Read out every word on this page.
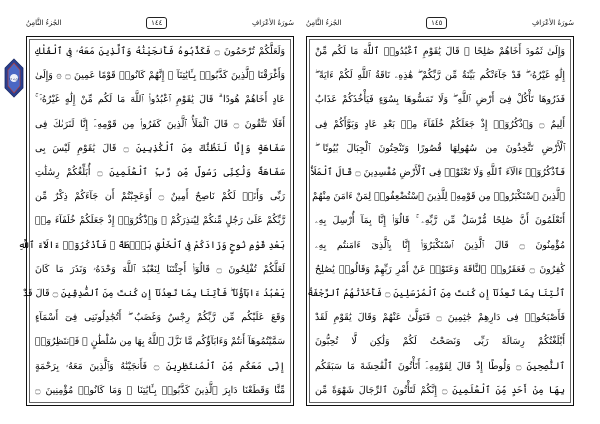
الجُزءُ الثَّامِنُ	١٤٤	سُورَةُ الأعْرَافِ
وَلَعَلَّكُمْ تُرْحَمُونَ ۝ فَكَذَّبُوهُ فَأَنجَيْنَٰهُ وَٱلَّذِينَ مَعَهُۥ فِى ٱلْفُلْكِ
وَأَغْرَقْنَا ٱلَّذِينَ كَذَّبُوا۟ بِـَٔايَٰتِنَآ ۚ إِنَّهُمْ كَانُوا۟ قَوْمًا عَمِينَ ۝ ۞ وَإِلَىٰ
عَادٍ أَخَاهُمْ هُودًا ۗ قَالَ يَٰقَوْمِ ٱعْبُدُوا۟ ٱللَّهَ مَا لَكُم مِّنْ إِلَٰهٍ غَيْرُهُۥٓ ۚ
أَفَلَا تَتَّقُونَ ۝ قَالَ ٱلْمَلَأُ ٱلَّذِينَ كَفَرُوا۟ مِن قَوْمِهِۦٓ إِنَّا لَنَرَىٰكَ فِى
سَفَاهَةٍ وَإِنَّا لَنَظُنُّكَ مِنَ ٱلْكَٰذِبِينَ ۝ قَالَ يَٰقَوْمِ لَيْسَ بِى
سَفَاهَةٌ وَلَٰكِنِّى رَسُولٌ مِّن رَّبِّ ٱلْعَٰلَمِينَ ۝ أُبَلِّغُكُمْ رِسَٰلَٰتِ
رَبِّى وَأَنَا۠ لَكُمْ نَاصِحٌ أَمِينٌ ۝ أَوَعَجِبْتُمْ أَن جَآءَكُمْ ذِكْرٌ مِّن
رَّبِّكُمْ عَلَىٰ رَجُلٍ مِّنكُمْ لِيُنذِرَكُمْ ۚ وَٱذْكُرُوٓا۟ إِذْ جَعَلَكُمْ خُلَفَآءَ مِنۢ
بَعْدِ قَوْمِ نُوحٍ وَزَادَكُمْ فِى ٱلْخَلْقِ بَصْۜطَةً ۖ فَٱذْكُرُوٓا۟ ءَالَآءَ ٱللَّهِ
لَعَلَّكُمْ تُفْلِحُونَ ۝ قَالُوٓا۟ أَجِئْتَنَا لِنَعْبُدَ ٱللَّهَ وَحْدَهُۥ وَنَذَرَ مَا كَانَ
يَعْبُدُ ءَابَآؤُنَا ۖ فَأْتِنَا بِمَا تَعِدُنَآ إِن كُنتَ مِنَ ٱلصَّٰدِقِينَ ۝ قَالَ قَدْ
وَقَعَ عَلَيْكُم مِّن رَّبِّكُمْ رِجْسٌ وَغَضَبٌ ۖ أَتُجَٰدِلُونَنِى فِىٓ أَسْمَآءٍ
سَمَّيْتُمُوهَآ أَنتُمْ وَءَابَآؤُكُم مَّا نَزَّلَ ٱللَّهُ بِهَا مِن سُلْطَٰنٍ ۚ فَٱنتَظِرُوٓا۟
إِنِّى مَعَكُم مِّنَ ٱلْمُنتَظِرِينَ ۝ فَأَنجَيْنَٰهُ وَٱلَّذِينَ مَعَهُۥ بِرَحْمَةٍ
مِّنَّا وَقَطَعْنَا دَابِرَ ٱلَّذِينَ كَذَّبُوا۟ بِـَٔايَٰتِنَا ۖ وَمَا كَانُوا۟ مُؤْمِنِينَ ۝
حِزْبُ ١٦
الجُزءُ الثَّامِنُ	١٤٥	سُورَةُ الأعْرَافِ
وَإِلَىٰ ثَمُودَ أَخَاهُمْ صَٰلِحًا ۗ قَالَ يَٰقَوْمِ ٱعْبُدُوا۟ ٱللَّهَ مَا لَكُم مِّنْ
إِلَٰهٍ غَيْرُهُۥ ۖ قَدْ جَآءَتْكُم بَيِّنَةٌ مِّن رَّبِّكُمْ ۖ هَٰذِهِۦ نَاقَةُ ٱللَّهِ لَكُمْ ءَايَةً ۖ
فَذَرُوهَا تَأْكُلْ فِىٓ أَرْضِ ٱللَّهِ ۖ وَلَا تَمَسُّوهَا بِسُوٓءٍ فَيَأْخُذَكُمْ عَذَابٌ
أَلِيمٌ ۝ وَٱذْكُرُوٓا۟ إِذْ جَعَلَكُمْ خُلَفَآءَ مِنۢ بَعْدِ عَادٍ وَبَوَّأَكُمْ فِى
ٱلْأَرْضِ تَتَّخِذُونَ مِن سُهُولِهَا قُصُورًا وَتَنْحِتُونَ ٱلْجِبَالَ بُيُوتًا ۖ
فَٱذْكُرُوٓا۟ ءَالَآءَ ٱللَّهِ وَلَا تَعْثَوْا۟ فِى ٱلْأَرْضِ مُفْسِدِينَ ۝ قَالَ ٱلْمَلَأُ
ٱلَّذِينَ ٱسْتَكْبَرُوا۟ مِن قَوْمِهِۦ لِلَّذِينَ ٱسْتُضْعِفُوا۟ لِمَنْ ءَامَنَ مِنْهُمْ
أَتَعْلَمُونَ أَنَّ صَٰلِحًا مُّرْسَلٌ مِّن رَّبِّهِۦ ۚ قَالُوٓا۟ إِنَّا بِمَآ أُرْسِلَ بِهِۦ
مُؤْمِنُونَ ۝ قَالَ ٱلَّذِينَ ٱسْتَكْبَرُوٓا۟ إِنَّا بِٱلَّذِىٓ ءَامَنتُم بِهِۦ
كَٰفِرُونَ ۝ فَعَقَرُوا۟ ٱلنَّاقَةَ وَعَتَوْا۟ عَنْ أَمْرِ رَبِّهِمْ وَقَالُوا۟ يَٰصَٰلِحُ
ٱئْتِنَا بِمَا تَعِدُنَآ إِن كُنتَ مِنَ ٱلْمُرْسَلِينَ ۝ فَأَخَذَتْهُمُ ٱلرَّجْفَةُ
فَأَصْبَحُوا۟ فِى دَارِهِمْ جَٰثِمِينَ ۝ فَتَوَلَّىٰ عَنْهُمْ وَقَالَ يَٰقَوْمِ لَقَدْ
أَبْلَغْتُكُمْ رِسَالَةَ رَبِّى وَنَصَحْتُ لَكُمْ وَلَٰكِن لَّا تُحِبُّونَ
ٱلنَّٰصِحِينَ ۝ وَلُوطًا إِذْ قَالَ لِقَوْمِهِۦٓ أَتَأْتُونَ ٱلْفَٰحِشَةَ مَا سَبَقَكُم
بِهَا مِنْ أَحَدٍ مِّنَ ٱلْعَٰلَمِينَ ۝ إِنَّكُمْ لَتَأْتُونَ ٱلرِّجَالَ شَهْوَةً مِّن
